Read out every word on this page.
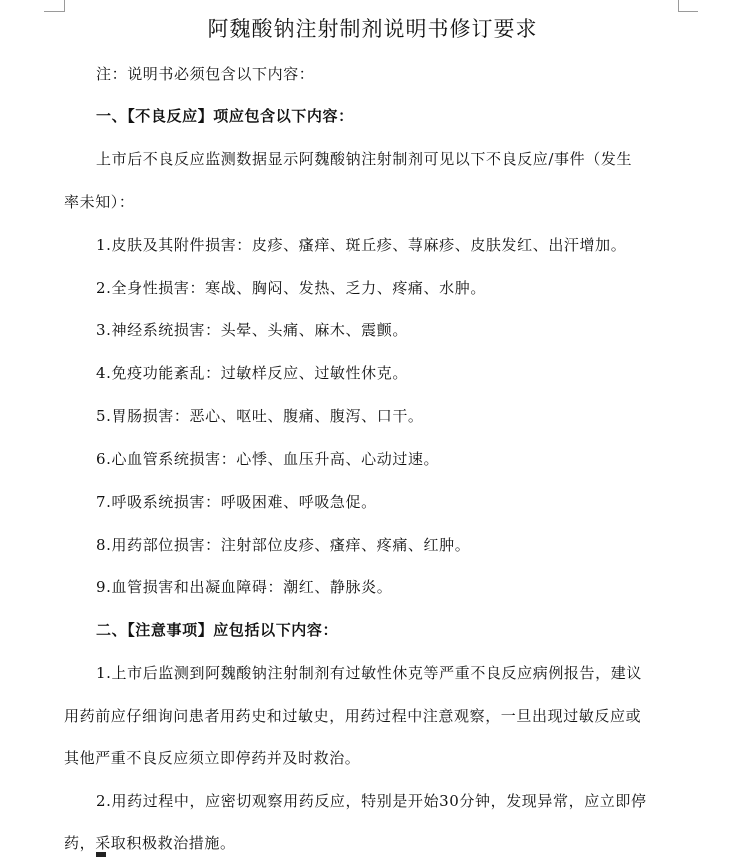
阿魏酸钠注射制剂说明书修订要求
注：说明书必须包含以下内容：
一、【不良反应】项应包含以下内容：
上市后不良反应监测数据显示阿魏酸钠注射制剂可见以下不良反应/事件（发生
率未知）：
1.皮肤及其附件损害：皮疹、瘙痒、斑丘疹、荨麻疹、皮肤发红、出汗增加。
2.全身性损害：寒战、胸闷、发热、乏力、疼痛、水肿。
3.神经系统损害：头晕、头痛、麻木、震颤。
4.免疫功能紊乱：过敏样反应、过敏性休克。
5.胃肠损害：恶心、呕吐、腹痛、腹泻、口干。
6.心血管系统损害：心悸、血压升高、心动过速。
7.呼吸系统损害：呼吸困难、呼吸急促。
8.用药部位损害：注射部位皮疹、瘙痒、疼痛、红肿。
9.血管损害和出凝血障碍：潮红、静脉炎。
二、【注意事项】应包括以下内容：
1.上市后监测到阿魏酸钠注射制剂有过敏性休克等严重不良反应病例报告，建议
用药前应仔细询问患者用药史和过敏史，用药过程中注意观察，一旦出现过敏反应或
其他严重不良反应须立即停药并及时救治。
2.用药过程中，应密切观察用药反应，特别是开始30分钟，发现异常，应立即停
药，采取积极救治措施。
